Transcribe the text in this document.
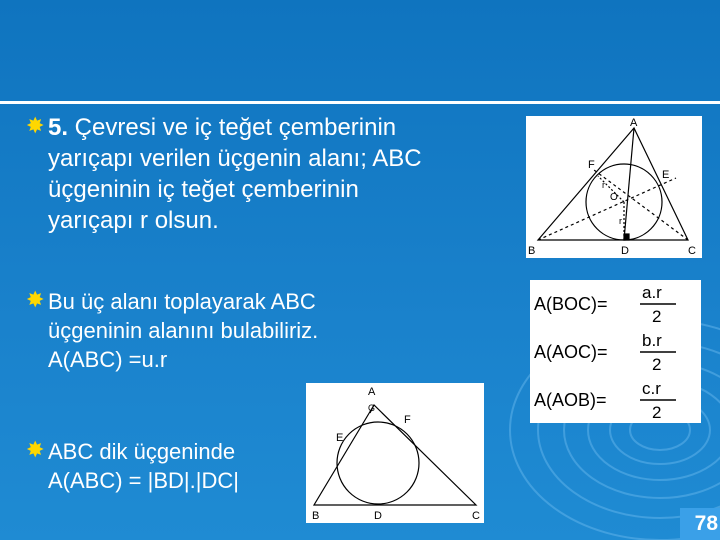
✸ 5. Çevresi ve iç teğet çemberinin
yarıçapı verilen üçgenin alanı; ABC
üçgeninin iç teğet çemberinin
yarıçapı r olsun.
✸ Bu üç alanı toplayarak ABC
üçgeninin alanını bulabiliriz.
A(ABC) =u.r
✸ ABC dik üçgeninde
A(ABC) = |BD|.|DC|
A
B	C
D
E
F
O
r
r
A(BOC)=
a.r
2
A(AOC)=
b.r
2
A(AOB)=
c.r
2
A
G
B	C
D
E
F
78
